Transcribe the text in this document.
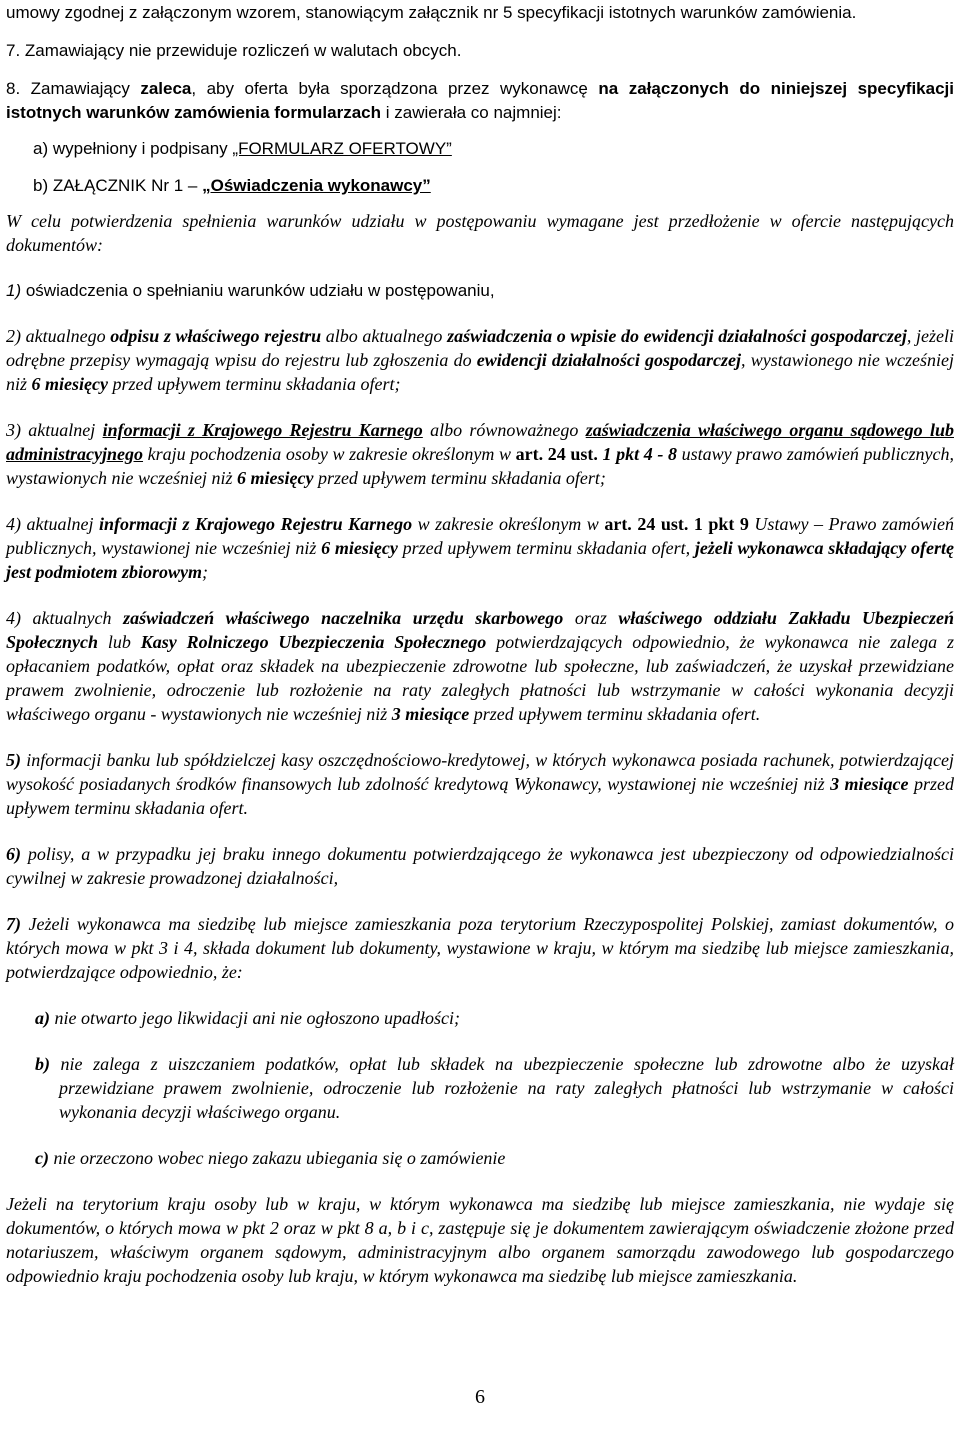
umowy zgodnej z załączonym wzorem, stanowiącym załącznik nr 5 specyfikacji istotnych warunków zamówienia.

7. Zamawiający nie przewiduje rozliczeń w walutach obcych.

8. Zamawiający zaleca, aby oferta była sporządzona przez wykonawcę na załączonych do niniejszej specyfikacji istotnych warunków zamówienia formularzach i zawierała co najmniej:

a) wypełniony i podpisany „FORMULARZ OFERTOWY”

b) ZAŁĄCZNIK Nr 1 – „Oświadczenia wykonawcy”

W celu potwierdzenia spełnienia warunków udziału w postępowaniu wymagane jest przedłożenie w ofercie następujących dokumentów:

1) oświadczenia o spełnianiu warunków udziału w postępowaniu,

2) aktualnego odpisu z właściwego rejestru albo aktualnego zaświadczenia o wpisie do ewidencji działalności gospodarczej, jeżeli odrębne przepisy wymagają wpisu do rejestru lub zgłoszenia do ewidencji działalności gospodarczej, wystawionego nie wcześniej niż 6 miesięcy przed upływem terminu składania ofert;

3) aktualnej informacji z Krajowego Rejestru Karnego albo równoważnego zaświadczenia właściwego organu sądowego lub administracyjnego kraju pochodzenia osoby w zakresie określonym w art. 24 ust. 1 pkt 4 - 8 ustawy prawo zamówień publicznych, wystawionych nie wcześniej niż 6 miesięcy przed upływem terminu składania ofert;

4) aktualnej informacji z Krajowego Rejestru Karnego w zakresie określonym w art. 24 ust. 1 pkt 9 Ustawy – Prawo zamówień publicznych, wystawionej nie wcześniej niż 6 miesięcy przed upływem terminu składania ofert, jeżeli wykonawca składający ofertę jest podmiotem zbiorowym;

4) aktualnych zaświadczeń właściwego naczelnika urzędu skarbowego oraz właściwego oddziału Zakładu Ubezpieczeń Społecznych lub Kasy Rolniczego Ubezpieczenia Społecznego potwierdzających odpowiednio, że wykonawca nie zalega z opłacaniem podatków, opłat oraz składek na ubezpieczenie zdrowotne lub społeczne, lub zaświadczeń, że uzyskał przewidziane prawem zwolnienie, odroczenie lub rozłożenie na raty zaległych płatności lub wstrzymanie w całości wykonania decyzji właściwego organu - wystawionych nie wcześniej niż 3 miesiące przed upływem terminu składania ofert.

5) informacji banku lub spółdzielczej kasy oszczędnościowo-kredytowej, w których wykonawca posiada rachunek, potwierdzającej wysokość posiadanych środków finansowych lub zdolność kredytową Wykonawcy, wystawionej nie wcześniej niż 3 miesiące przed upływem terminu składania ofert.

6) polisy, a w przypadku jej braku innego dokumentu potwierdzającego że wykonawca jest ubezpieczony od odpowiedzialności cywilnej w zakresie prowadzonej działalności,

7) Jeżeli wykonawca ma siedzibę lub miejsce zamieszkania poza terytorium Rzeczypospolitej Polskiej, zamiast dokumentów, o których mowa w pkt 3 i 4, składa dokument lub dokumenty, wystawione w kraju, w którym ma siedzibę lub miejsce zamieszkania, potwierdzające odpowiednio, że:

a) nie otwarto jego likwidacji ani nie ogłoszono upadłości;

b) nie zalega z uiszczaniem podatków, opłat lub składek na ubezpieczenie społeczne lub zdrowotne albo że uzyskał przewidziane prawem zwolnienie, odroczenie lub rozłożenie na raty zaległych płatności lub wstrzymanie w całości wykonania decyzji właściwego organu.

c) nie orzeczono wobec niego zakazu ubiegania się o zamówienie

Jeżeli na terytorium kraju osoby lub w kraju, w którym wykonawca ma siedzibę lub miejsce zamieszkania, nie wydaje się dokumentów, o których mowa w pkt 2 oraz w pkt 8 a, b i c, zastępuje się je dokumentem zawierającym oświadczenie złożone przed notariuszem, właściwym organem sądowym, administracyjnym albo organem samorządu zawodowego lub gospodarczego odpowiednio kraju pochodzenia osoby lub kraju, w którym wykonawca ma siedzibę lub miejsce zamieszkania.

6
